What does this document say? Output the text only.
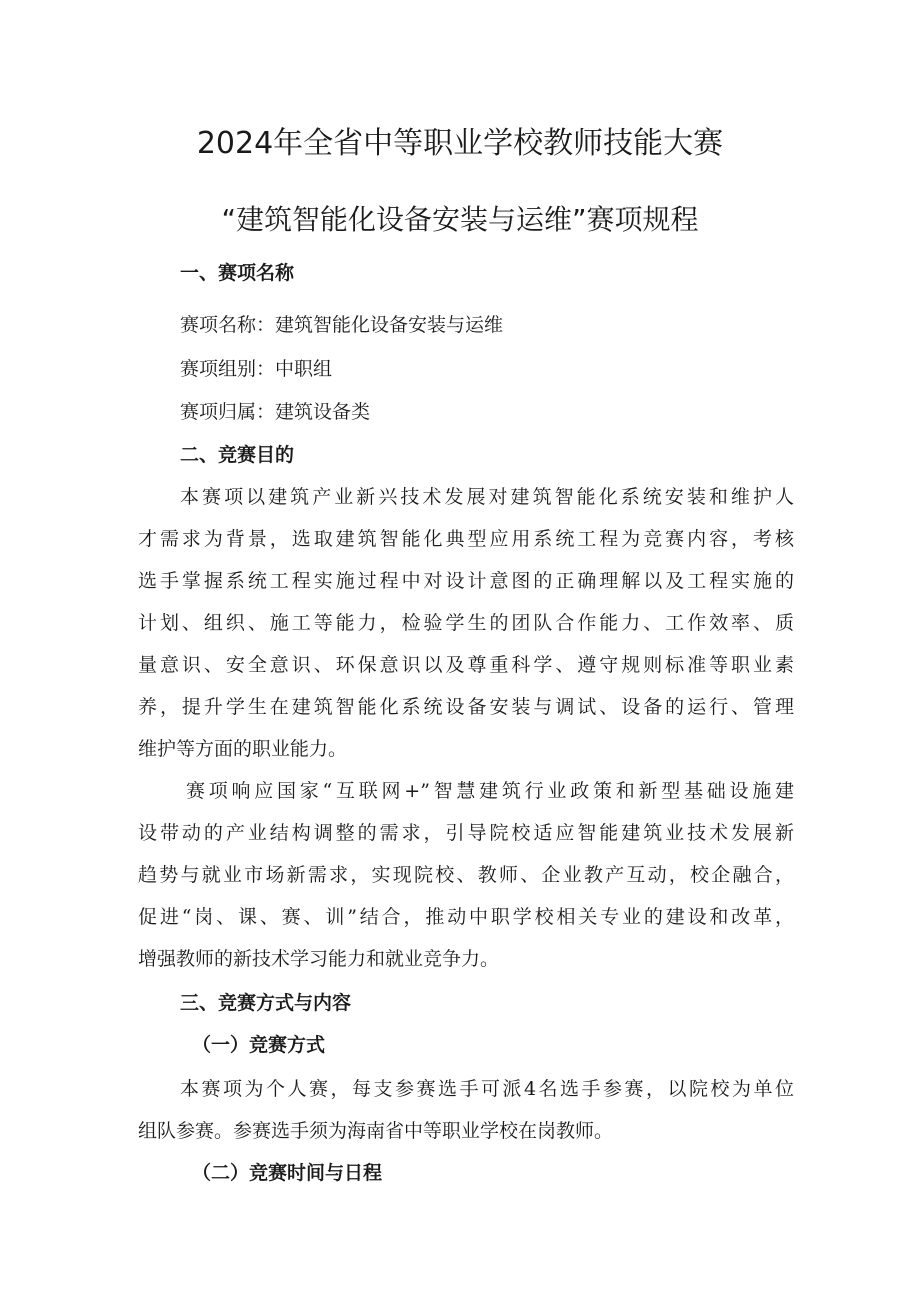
2024年全省中等职业学校教师技能大赛
“建筑智能化设备安装与运维”赛项规程
一、赛项名称
赛项名称：建筑智能化设备安装与运维
赛项组别：中职组
赛项归属：建筑设备类
二、竞赛目的
本赛项以建筑产业新兴技术发展对建筑智能化系统安装和维护人
才需求为背景，选取建筑智能化典型应用系统工程为竞赛内容，考核
选手掌握系统工程实施过程中对设计意图的正确理解以及工程实施的
计划、组织、施工等能力，检验学生的团队合作能力、工作效率、质
量意识、安全意识、环保意识以及尊重科学、遵守规则标准等职业素
养，提升学生在建筑智能化系统设备安装与调试、设备的运行、管理
维护等方面的职业能力。
赛项响应国家“互联网+”智慧建筑行业政策和新型基础设施建
设带动的产业结构调整的需求，引导院校适应智能建筑业技术发展新
趋势与就业市场新需求，实现院校、教师、企业教产互动，校企融合，
促进“岗、课、赛、训”结合，推动中职学校相关专业的建设和改革，
增强教师的新技术学习能力和就业竞争力。
三、竞赛方式与内容
（一）竞赛方式
本赛项为个人赛，每支参赛选手可派4名选手参赛，以院校为单位
组队参赛。参赛选手须为海南省中等职业学校在岗教师。
（二）竞赛时间与日程
